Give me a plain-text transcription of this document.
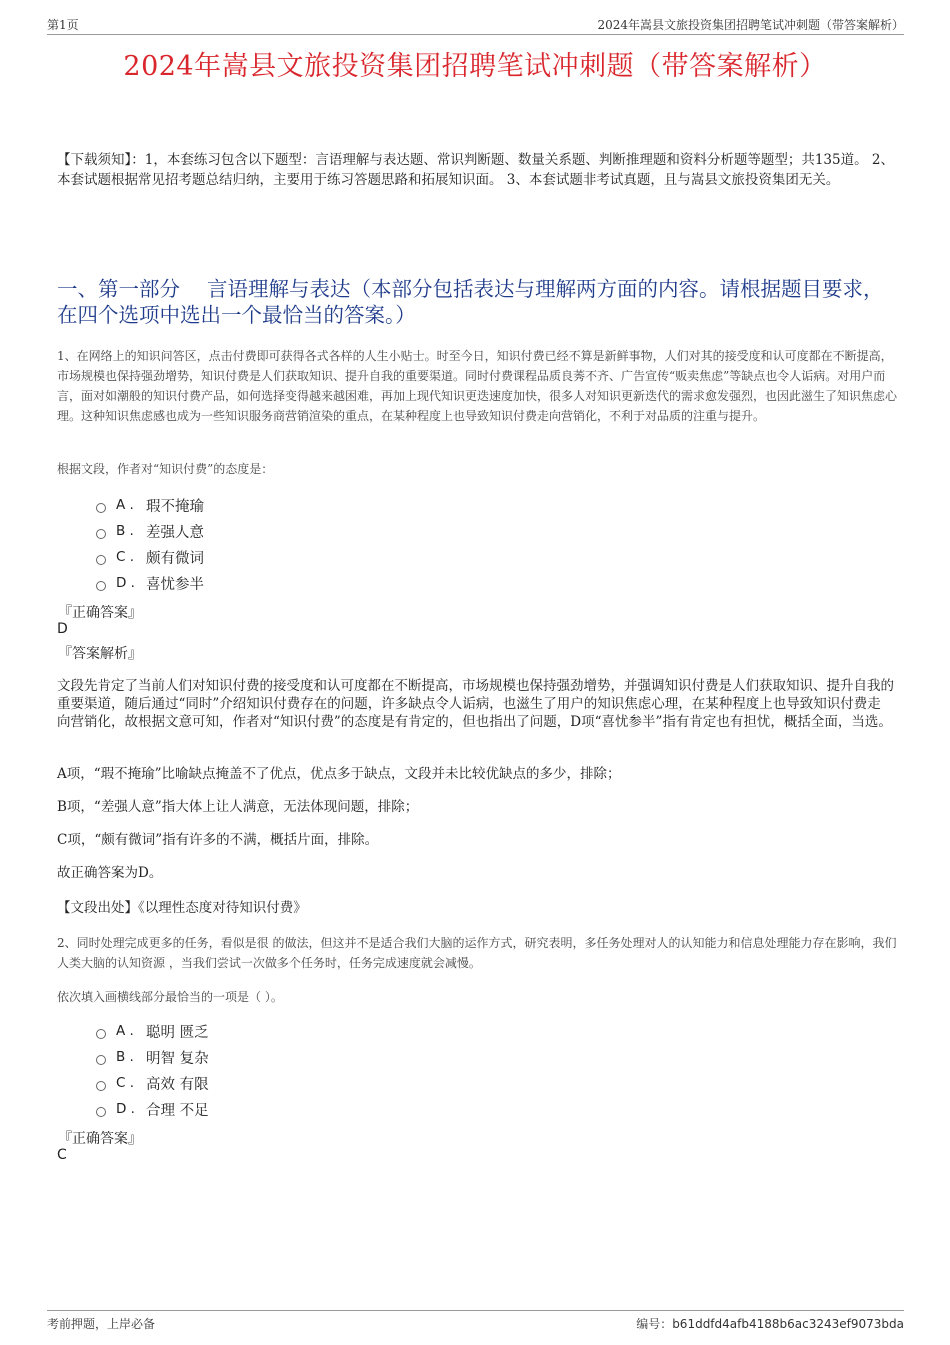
第1页	2024年嵩县文旅投资集团招聘笔试冲刺题（带答案解析）
2024年嵩县文旅投资集团招聘笔试冲刺题（带答案解析）
【下载须知】：1，本套练习包含以下题型：言语理解与表达题、常识判断题、数量关系题、判断推理题和资料分析题等题型；共135道。 2、本套试题根据常见招考题总结归纳，主要用于练习答题思路和拓展知识面。 3、本套试题非考试真题，且与嵩县文旅投资集团无关。
一、第一部分　 言语理解与表达（本部分包括表达与理解两方面的内容。请根据题目要求，在四个选项中选出一个最恰当的答案。）
1、在网络上的知识问答区，点击付费即可获得各式各样的人生小贴士。时至今日，知识付费已经不算是新鲜事物，人们对其的接受度和认可度都在不断提高，市场规模也保持强劲增势，知识付费是人们获取知识、提升自我的重要渠道。同时付费课程品质良莠不齐、广告宣传“贩卖焦虑”等缺点也令人诟病。对用户而言，面对如潮般的知识付费产品，如何选择变得越来越困难，再加上现代知识更迭速度加快，很多人对知识更新迭代的需求愈发强烈，也因此滋生了知识焦虑心理。这种知识焦虑感也成为一些知识服务商营销渲染的重点，在某种程度上也导致知识付费走向营销化，不利于对品质的注重与提升。
根据文段，作者对“知识付费”的态度是：
A . 瑕不掩瑜
B . 差强人意
C . 颇有微词
D . 喜忧参半
『正确答案』
D
『答案解析』
文段先肯定了当前人们对知识付费的接受度和认可度都在不断提高，市场规模也保持强劲增势，并强调知识付费是人们获取知识、提升自我的重要渠道，随后通过“同时”介绍知识付费存在的问题，许多缺点令人诟病，也滋生了用户的知识焦虑心理，在某种程度上也导致知识付费走向营销化，故根据文意可知，作者对“知识付费”的态度是有肯定的，但也指出了问题，D项“喜忧参半”指有肯定也有担忧，概括全面，当选。
A项，“瑕不掩瑜”比喻缺点掩盖不了优点，优点多于缺点，文段并未比较优缺点的多少，排除；
B项，“差强人意”指大体上让人满意，无法体现问题，排除；
C项，“颇有微词”指有许多的不满，概括片面，排除。
故正确答案为D。
【文段出处】《以理性态度对待知识付费》
2、同时处理完成更多的任务，看似是很 的做法，但这并不是适合我们大脑的运作方式，研究表明，多任务处理对人的认知能力和信息处理能力存在影响，我们人类大脑的认知资源 ，当我们尝试一次做多个任务时，任务完成速度就会减慢。
依次填入画横线部分最恰当的一项是（ ）。
A . 聪明 匮乏
B . 明智 复杂
C . 高效 有限
D . 合理 不足
『正确答案』
C
考前押题，上岸必备	编号：b61ddfd4afb4188b6ac3243ef9073bda
